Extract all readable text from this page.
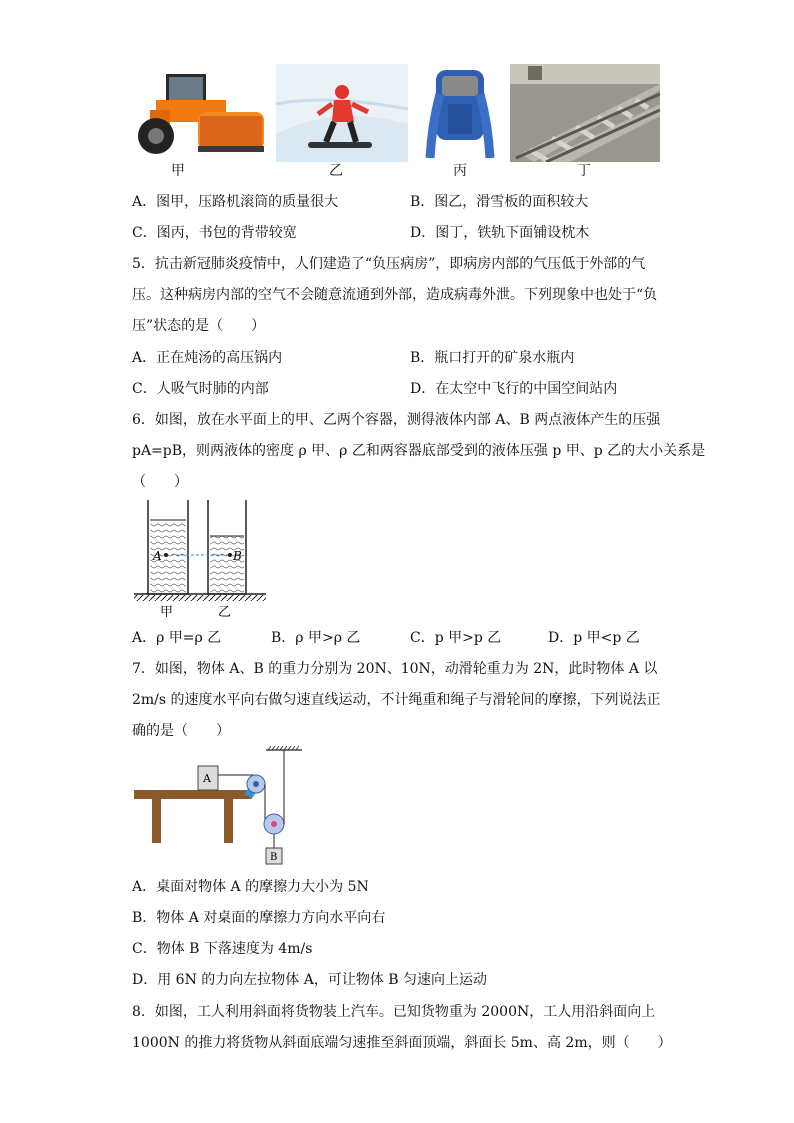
甲	乙	丙	丁
A．图甲，压路机滚筒的质量很大	B．图乙，滑雪板的面积较大
C．图丙，书包的背带较宽	D．图丁，铁轨下面铺设枕木
5．抗击新冠肺炎疫情中，人们建造了“负压病房”，即病房内部的气压低于外部的气
压。这种病房内部的空气不会随意流通到外部，造成病毒外泄。下列现象中也处于“负
压”状态的是（　　）
A．正在炖汤的高压锅内	B．瓶口打开的矿泉水瓶内
C．人吸气时肺的内部	D．在太空中飞行的中国空间站内
6．如图，放在水平面上的甲、乙两个容器，测得液体内部 A、B 两点液体产生的压强
pA=pB，则两液体的密度 ρ 甲、ρ 乙和两容器底部受到的液体压强 p 甲、p 乙的大小关系是
（　　）
A	B
甲	乙
A．ρ 甲=ρ 乙	B．ρ 甲>ρ 乙	C．p 甲>p 乙	D．p 甲<p 乙
7．如图，物体 A、B 的重力分别为 20N、10N，动滑轮重力为 2N，此时物体 A 以
2m/s 的速度水平向右做匀速直线运动，不计绳重和绳子与滑轮间的摩擦，下列说法正
确的是（　　）
A
B
A．桌面对物体 A 的摩擦力大小为 5N
B．物体 A 对桌面的摩擦力方向水平向右
C．物体 B 下落速度为 4m/s
D．用 6N 的力向左拉物体 A，可让物体 B 匀速向上运动
8．如图，工人利用斜面将货物装上汽车。已知货物重为 2000N，工人用沿斜面向上
1000N 的推力将货物从斜面底端匀速推至斜面顶端，斜面长 5m、高 2m，则（　　）
